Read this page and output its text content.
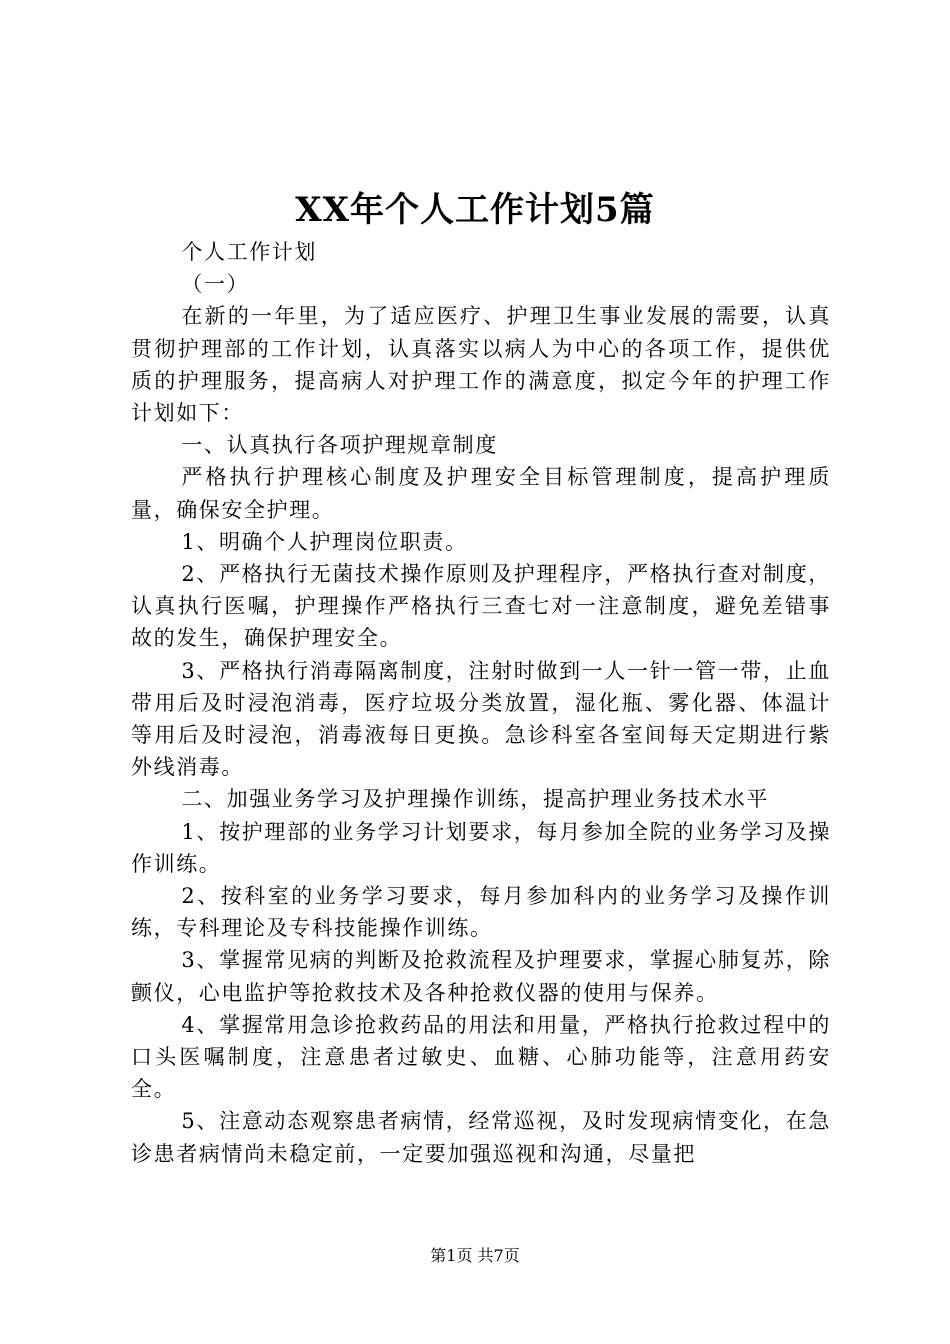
XX年个人工作计划5篇

个人工作计划

（一）

在新的一年里，为了适应医疗、护理卫生事业发展的需要，认真贯彻护理部的工作计划，认真落实以病人为中心的各项工作，提供优质的护理服务，提高病人对护理工作的满意度，拟定今年的护理工作计划如下：

一、认真执行各项护理规章制度

严格执行护理核心制度及护理安全目标管理制度，提高护理质量，确保安全护理。

1、明确个人护理岗位职责。

2、严格执行无菌技术操作原则及护理程序，严格执行查对制度，认真执行医嘱，护理操作严格执行三查七对一注意制度，避免差错事故的发生，确保护理安全。

3、严格执行消毒隔离制度，注射时做到一人一针一管一带，止血带用后及时浸泡消毒，医疗垃圾分类放置，湿化瓶、雾化器、体温计等用后及时浸泡，消毒液每日更换。急诊科室各室间每天定期进行紫外线消毒。

二、加强业务学习及护理操作训练，提高护理业务技术水平

1、按护理部的业务学习计划要求，每月参加全院的业务学习及操作训练。

2、按科室的业务学习要求，每月参加科内的业务学习及操作训练，专科理论及专科技能操作训练。

3、掌握常见病的判断及抢救流程及护理要求，掌握心肺复苏，除颤仪，心电监护等抢救技术及各种抢救仪器的使用与保养。

4、掌握常用急诊抢救药品的用法和用量，严格执行抢救过程中的口头医嘱制度，注意患者过敏史、血糖、心肺功能等，注意用药安全。

5、注意动态观察患者病情，经常巡视，及时发现病情变化，在急诊患者病情尚未稳定前，一定要加强巡视和沟通，尽量把

第1页 共7页
